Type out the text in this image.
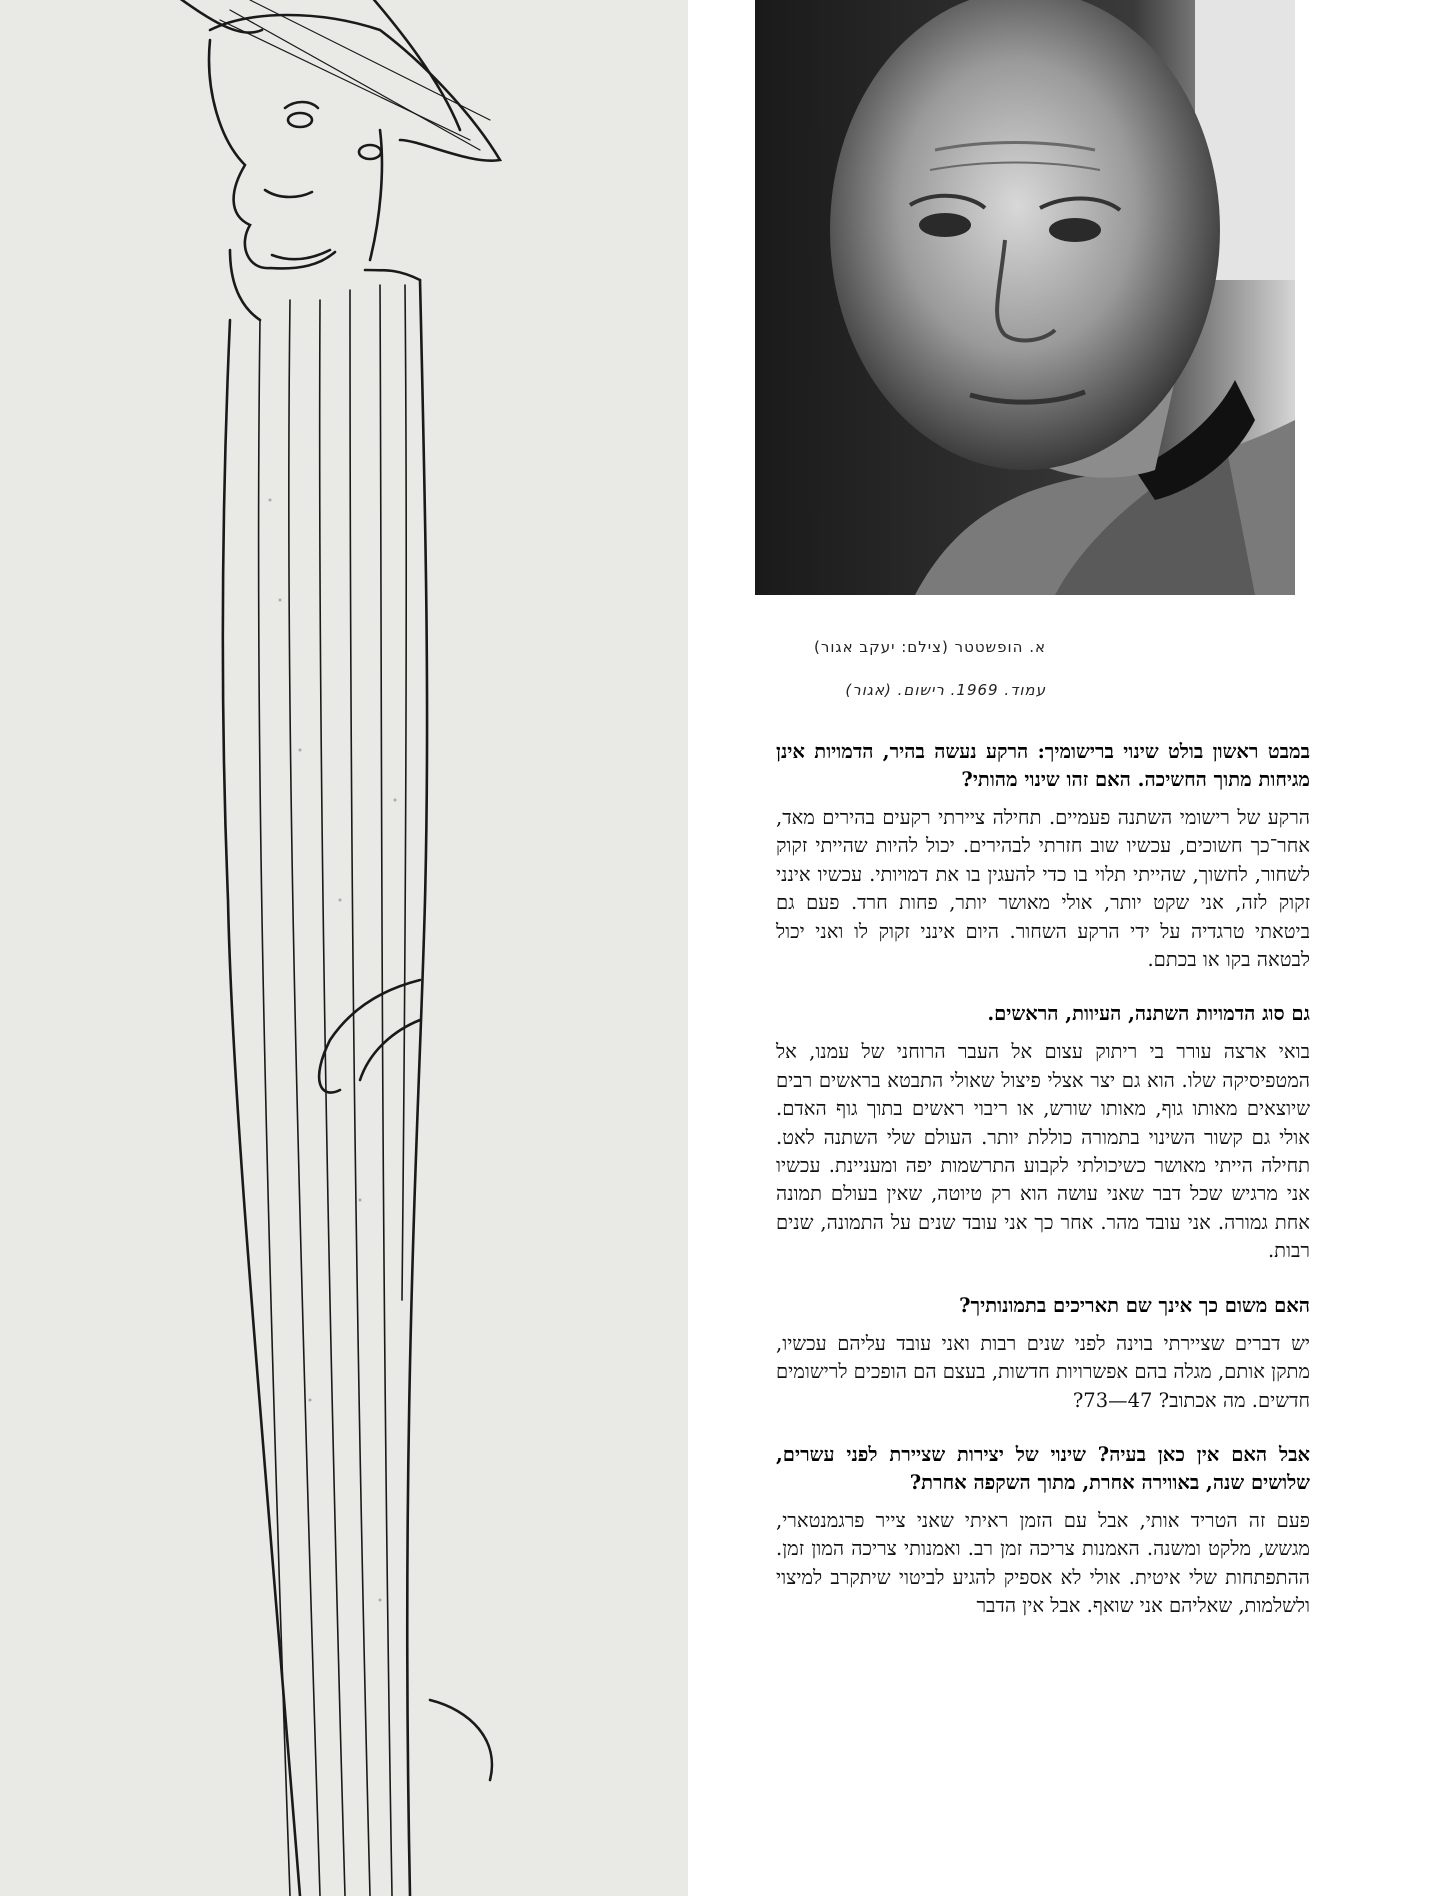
א. הופשטטר (צילם: יעקב אגור)
עמוד. 1969. רישום. (אגור)

במבט ראשון בולט שינוי ברישומיך: הרקע נעשה בהיר, הדמויות אינן מגיחות מתוך החשיכה. האם זהו שינוי מהותי?

הרקע של רישומי השתנה פעמיים. תחילה ציירתי רקעים בהירים מאד, אחר־כך חשוכים, עכשיו שוב חזרתי לבהירים. יכול להיות שהייתי זקוק לשחור, לחשוך, שהייתי תלוי בו כדי להעגין בו את דמויותי. עכשיו אינני זקוק לזה, אני שקט יותר, אולי מאושר יותר, פחות חרד. פעם גם ביטאתי טרגדיה על ידי הרקע השחור. היום אינני זקוק לו ואני יכול לבטאה בקו או בכתם.

גם סוג הדמויות השתנה, העיוות, הראשים.

בואי ארצה עורר בי ריתוק עצום אל העבר הרוחני של עמנו, אל המטפיסיקה שלו. הוא גם יצר אצלי פיצול שאולי התבטא בראשים רבים שיוצאים מאותו גוף, מאותו שורש, או ריבוי ראשים בתוך גוף האדם. אולי גם קשור השינוי בתמורה כוללת יותר. העולם שלי השתנה לאט. תחילה הייתי מאושר כשיכולתי לקבוע התרשמות יפה ומעניינת. עכשיו אני מרגיש שכל דבר שאני עושה הוא רק טיוטה, שאין בעולם תמונה אחת גמורה. אני עובד מהר. אחר כך אני עובד שנים על התמונה, שנים רבות.

האם משום כך אינך שם תאריכים בתמונותיך?

יש דברים שציירתי בוינה לפני שנים רבות ואני עובד עליהם עכשיו, מתקן אותם, מגלה בהם אפשרויות חדשות, בעצם הם הופכים לרישומים חדשים. מה אכתוב? 47—73?

אבל האם אין כאן בעיה? שינוי של יצירות שציירת לפני עשרים, שלושים שנה, באווירה אחרת, מתוך השקפה אחרת?

פעם זה הטריד אותי, אבל עם הזמן ראיתי שאני צייר פרגמנטארי, מגשש, מלקט ומשנה. האמנות צריכה זמן רב. ואמנותי צריכה המון זמן. ההתפתחות שלי איטית. אולי לא אספיק להגיע לביטוי שיתקרב למיצוי ולשלמות, שאליהם אני שואף. אבל אין הדבר
